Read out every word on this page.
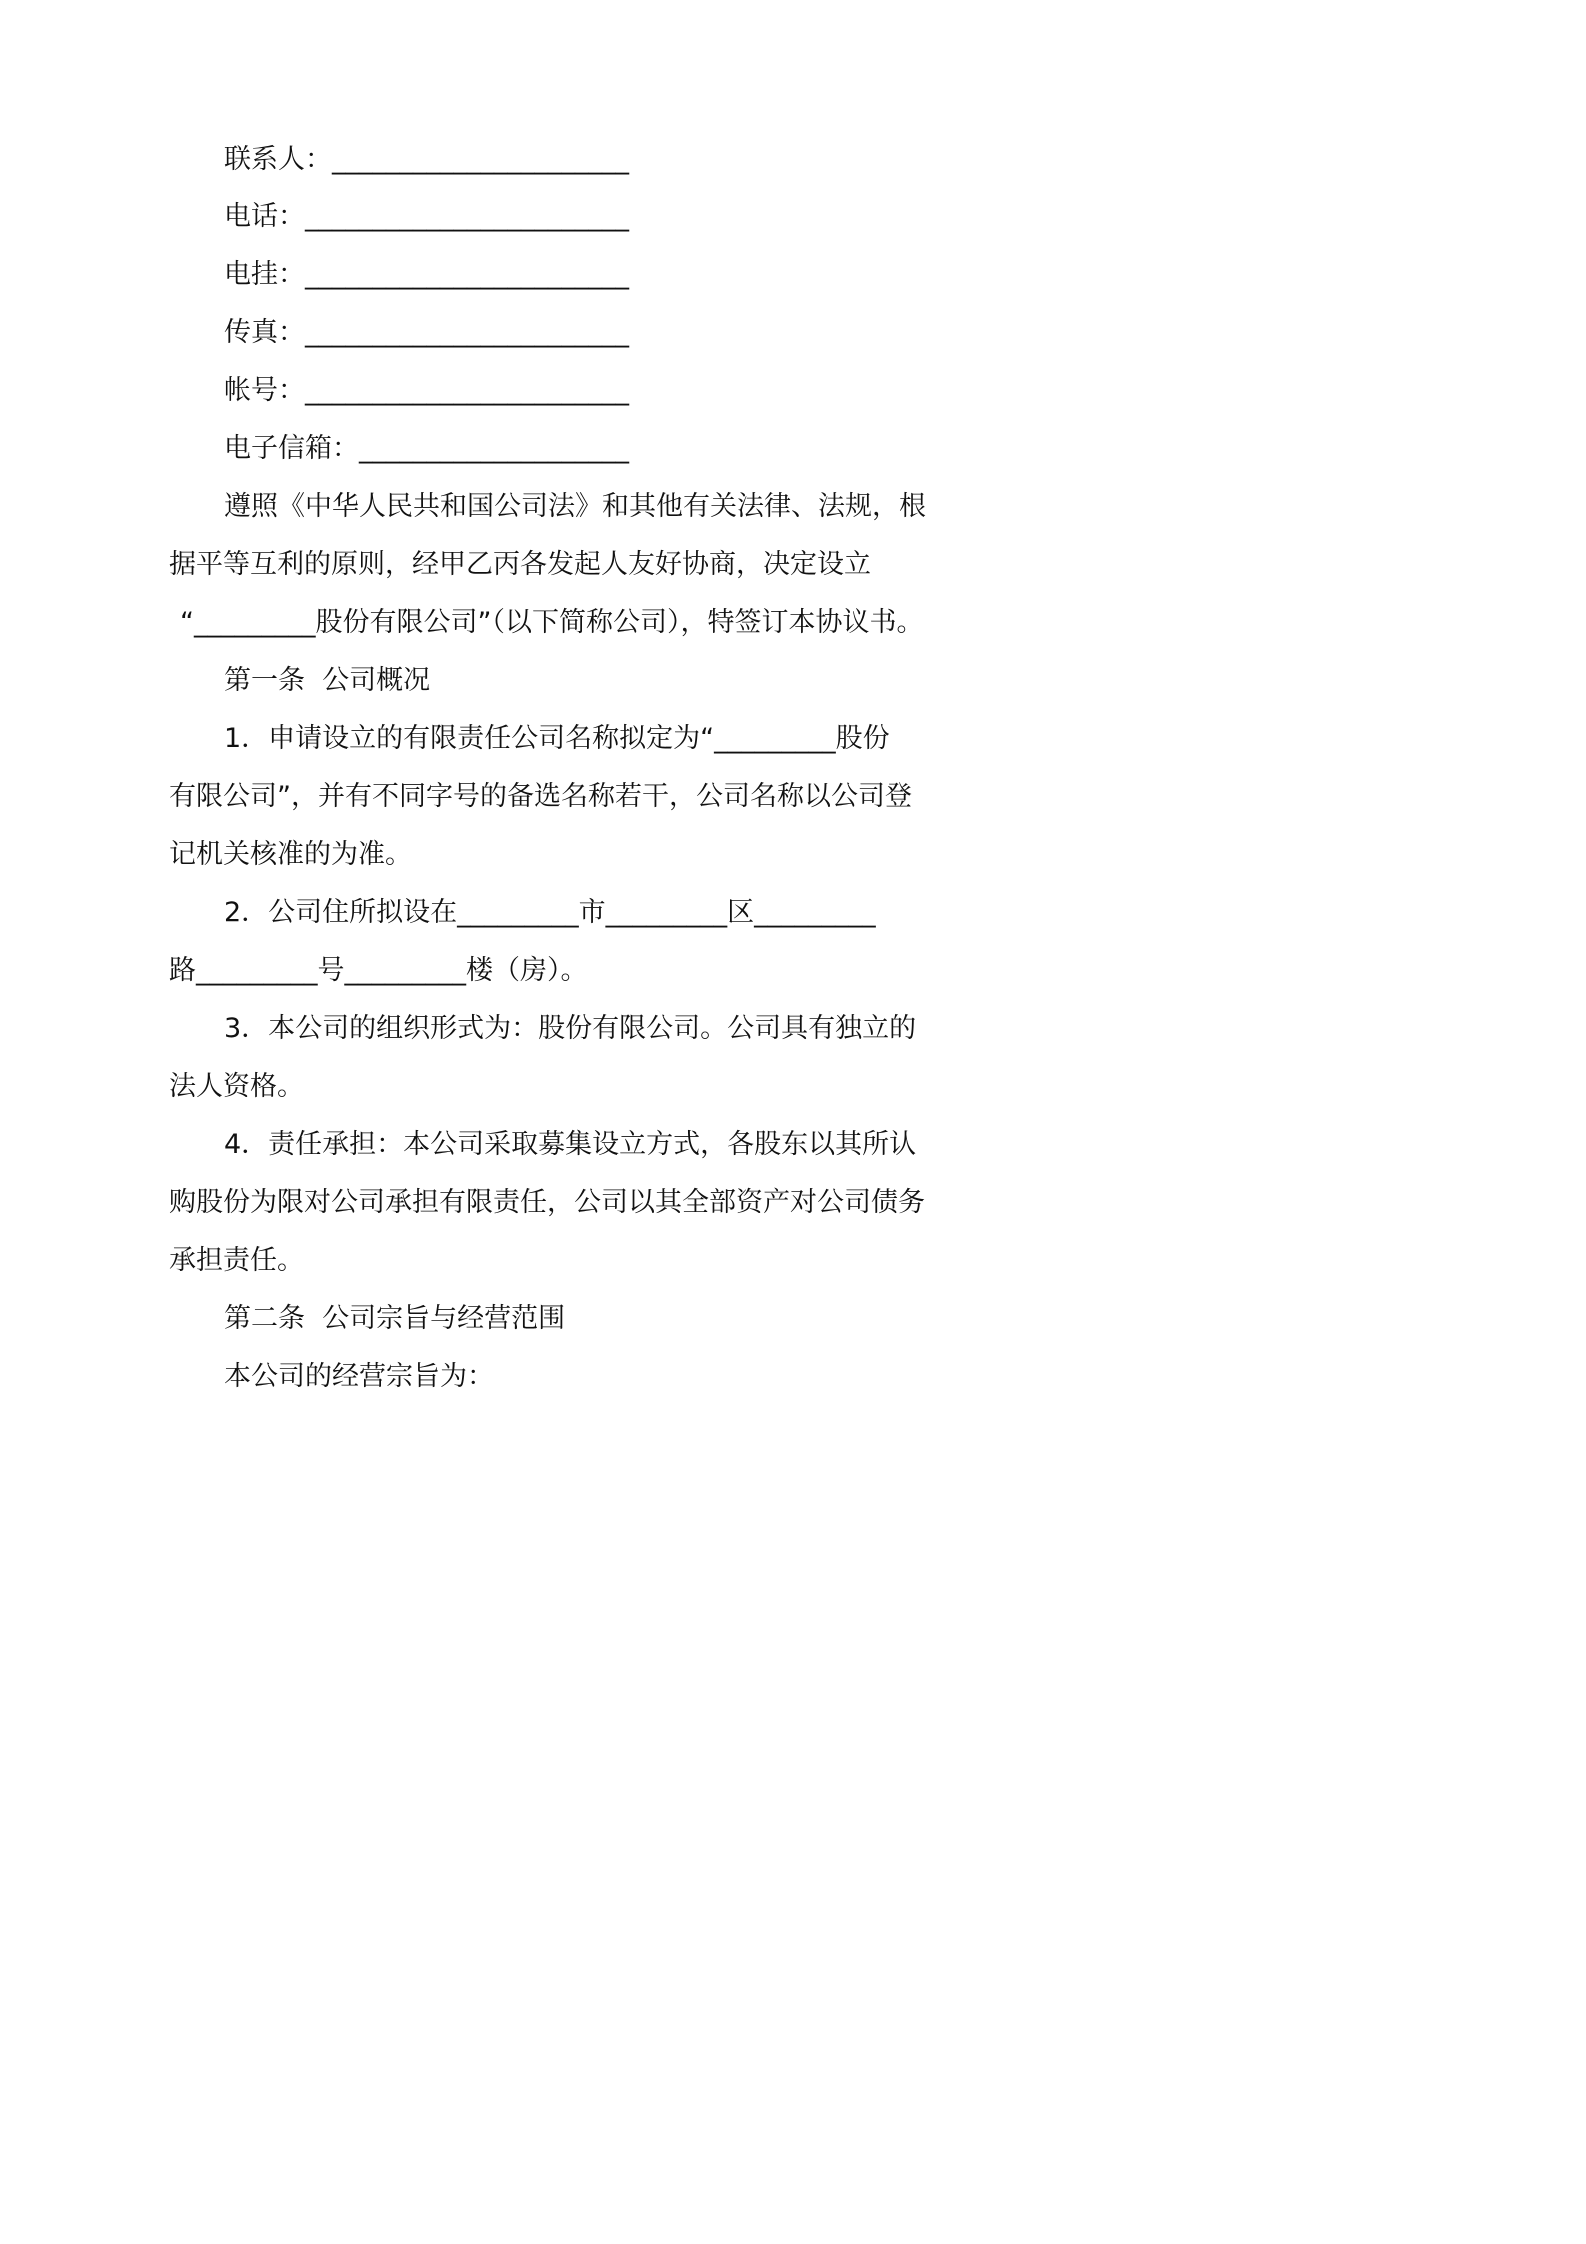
联系人：______________________
电话：________________________
电挂：________________________
传真：________________________
帐号：________________________
电子信箱：____________________
遵照《中华人民共和国公司法》和其他有关法律、法规，根
据平等互利的原则，经甲乙丙各发起人友好协商，决定设立
“_________股份有限公司”（以下简称公司），特签订本协议书。
第一条  公司概况
1．申请设立的有限责任公司名称拟定为“_________股份
有限公司”，并有不同字号的备选名称若干，公司名称以公司登
记机关核准的为准。
2．公司住所拟设在_________市_________区_________
路_________号_________楼（房）。
3．本公司的组织形式为：股份有限公司。公司具有独立的
法人资格。
4．责任承担：本公司采取募集设立方式，各股东以其所认
购股份为限对公司承担有限责任，公司以其全部资产对公司债务
承担责任。
第二条  公司宗旨与经营范围
本公司的经营宗旨为：
